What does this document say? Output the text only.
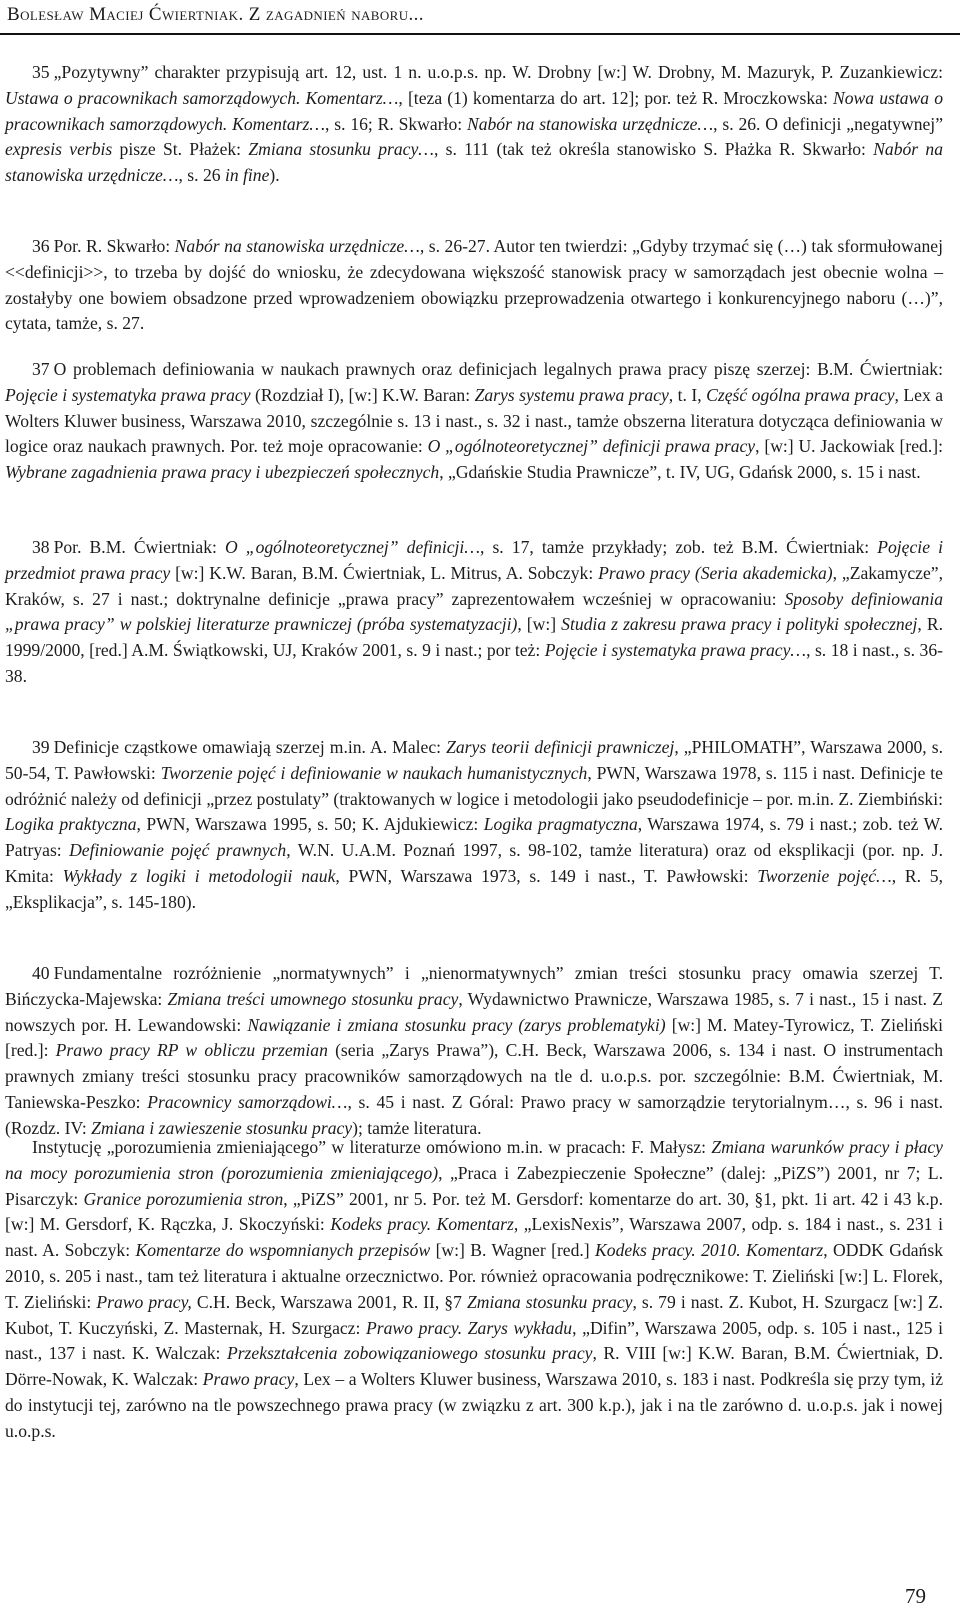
Bolesław Maciej Ćwiertniak. Z zagadnień naboru...

35 „Pozytywny” charakter przypisują art. 12, ust. 1 n. u.o.p.s. np. W. Drobny [w:] W. Drobny, M. Mazuryk, P. Zuzankiewicz: Ustawa o pracownikach samorządowych. Komentarz…, [teza (1) komentarza do art. 12]; por. też R. Mroczkowska: Nowa ustawa o pracownikach samorządowych. Komentarz…, s. 16; R. Skwarło: Nabór na stanowiska urzędnicze…, s. 26. O definicji „negatywnej” expresis verbis pisze St. Płażek: Zmiana stosunku pracy…, s. 111 (tak też określa stanowisko S. Płażka R. Skwarło: Nabór na stanowiska urzędnicze…, s. 26 in fine).

36 Por. R. Skwarło: Nabór na stanowiska urzędnicze…, s. 26-27. Autor ten twierdzi: „Gdyby trzymać się (…) tak sformułowanej <<definicji>>, to trzeba by dojść do wniosku, że zdecydowana większość stanowisk pracy w samorządach jest obecnie wolna – zostałyby one bowiem obsadzone przed wprowadzeniem obowiązku przeprowadzenia otwartego i konkurencyjnego naboru (…)”, cytata, tamże, s. 27.

37 O problemach definiowania w naukach prawnych oraz definicjach legalnych prawa pracy piszę szerzej: B.M. Ćwiertniak: Pojęcie i systematyka prawa pracy (Rozdział I), [w:] K.W. Baran: Zarys systemu prawa pracy, t. I, Część ogólna prawa pracy, Lex a Wolters Kluwer business, Warszawa 2010, szczególnie s. 13 i nast., s. 32 i nast., tamże obszerna literatura dotycząca definiowania w logice oraz naukach prawnych. Por. też moje opracowanie: O „ogólnoteoretycznej” definicji prawa pracy, [w:] U. Jackowiak [red.]: Wybrane zagadnienia prawa pracy i ubezpieczeń społecznych, „Gdańskie Studia Prawnicze”, t. IV, UG, Gdańsk 2000, s. 15 i nast.

38 Por. B.M. Ćwiertniak: O „ogólnoteoretycznej” definicji…, s. 17, tamże przykłady; zob. też B.M. Ćwiertniak: Pojęcie i przedmiot prawa pracy [w:] K.W. Baran, B.M. Ćwiertniak, L. Mitrus, A. Sobczyk: Prawo pracy (Seria akademicka), „Zakamycze”, Kraków, s. 27 i nast.; doktrynalne definicje „prawa pracy” zaprezentowałem wcześniej w opracowaniu: Sposoby definiowania „prawa pracy” w polskiej literaturze prawniczej (próba systematyzacji), [w:] Studia z zakresu prawa pracy i polityki społecznej, R. 1999/2000, [red.] A.M. Świątkowski, UJ, Kraków 2001, s. 9 i nast.; por też: Pojęcie i systematyka prawa pracy…, s. 18 i nast., s. 36-38.

39 Definicje cząstkowe omawiają szerzej m.in. A. Malec: Zarys teorii definicji prawniczej, „PHILOMATH”, Warszawa 2000, s. 50-54, T. Pawłowski: Tworzenie pojęć i definiowanie w naukach humanistycznych, PWN, Warszawa 1978, s. 115 i nast. Definicje te odróżnić należy od definicji „przez postulaty” (traktowanych w logice i metodologii jako pseudodefinicje – por. m.in. Z. Ziembiński: Logika praktyczna, PWN, Warszawa 1995, s. 50; K. Ajdukiewicz: Logika pragmatyczna, Warszawa 1974, s. 79 i nast.; zob. też W. Patryas: Definiowanie pojęć prawnych, W.N. U.A.M. Poznań 1997, s. 98-102, tamże literatura) oraz od eksplikacji (por. np. J. Kmita: Wykłady z logiki i metodologii nauk, PWN, Warszawa 1973, s. 149 i nast., T. Pawłowski: Tworzenie pojęć…, R. 5, „Eksplikacja”, s. 145-180).

40 Fundamentalne rozróżnienie „normatywnych” i „nienormatywnych” zmian treści stosunku pracy omawia szerzej T. Bińczycka-Majewska: Zmiana treści umownego stosunku pracy, Wydawnictwo Prawnicze, Warszawa 1985, s. 7 i nast., 15 i nast. Z nowszych por. H. Lewandowski: Nawiązanie i zmiana stosunku pracy (zarys problematyki) [w:] M. Matey-Tyrowicz, T. Zieliński [red.]: Prawo pracy RP w obliczu przemian (seria „Zarys Prawa”), C.H. Beck, Warszawa 2006, s. 134 i nast. O instrumentach prawnych zmiany treści stosunku pracy pracowników samorządowych na tle d. u.o.p.s. por. szczególnie: B.M. Ćwiertniak, M. Taniewska-Peszko: Pracownicy samorządowi…, s. 45 i nast. Z Góral: Prawo pracy w samorządzie terytorialnym…, s. 96 i nast. (Rozdz. IV: Zmiana i zawieszenie stosunku pracy); tamże literatura.

Instytucję „porozumienia zmieniającego” w literaturze omówiono m.in. w pracach: F. Małysz: Zmiana warunków pracy i płacy na mocy porozumienia stron (porozumienia zmieniającego), „Praca i Zabezpieczenie Społeczne” (dalej: „PiZS”) 2001, nr 7; L. Pisarczyk: Granice porozumienia stron, „PiZS” 2001, nr 5. Por. też M. Gersdorf: komentarze do art. 30, §1, pkt. 1i art. 42 i 43 k.p. [w:] M. Gersdorf, K. Rączka, J. Skoczyński: Kodeks pracy. Komentarz, „LexisNexis”, Warszawa 2007, odp. s. 184 i nast., s. 231 i nast. A. Sobczyk: Komentarze do wspomnianych przepisów [w:] B. Wagner [red.] Kodeks pracy. 2010. Komentarz, ODDK Gdańsk 2010, s. 205 i nast., tam też literatura i aktualne orzecznictwo. Por. również opracowania podręcznikowe: T. Zieliński [w:] L. Florek, T. Zieliński: Prawo pracy, C.H. Beck, Warszawa 2001, R. II, §7 Zmiana stosunku pracy, s. 79 i nast. Z. Kubot, H. Szurgacz [w:] Z. Kubot, T. Kuczyński, Z. Masternak, H. Szurgacz: Prawo pracy. Zarys wykładu, „Difin”, Warszawa 2005, odp. s. 105 i nast., 125 i nast., 137 i nast. K. Walczak: Przekształcenia zobowiązaniowego stosunku pracy, R. VIII [w:] K.W. Baran, B.M. Ćwiertniak, D. Dörre-Nowak, K. Walczak: Prawo pracy, Lex – a Wolters Kluwer business, Warszawa 2010, s. 183 i nast. Podkreśla się przy tym, iż do instytucji tej, zarówno na tle powszechnego prawa pracy (w związku z art. 300 k.p.), jak i na tle zarówno d. u.o.p.s. jak i nowej u.o.p.s.

79
